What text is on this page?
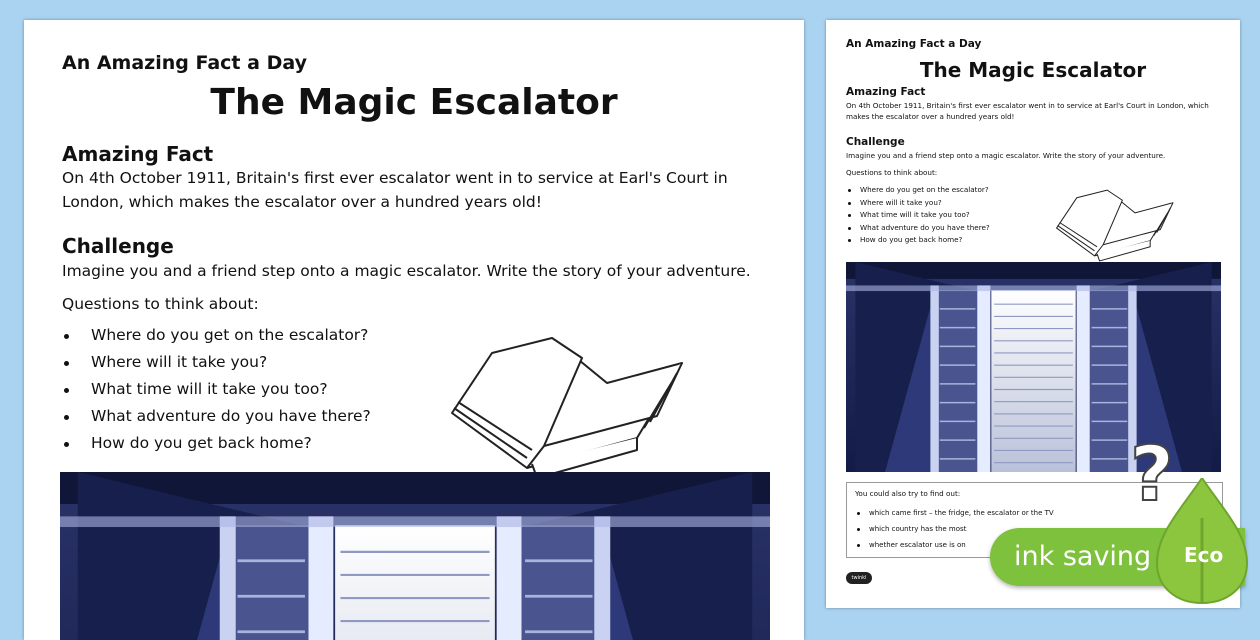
An Amazing Fact a Day
The Magic Escalator
Amazing Fact
On 4th October 1911, Britain's first ever escalator went in to service at Earl's Court in London, which makes the escalator over a hundred years old!
Challenge
Imagine you and a friend step onto a magic escalator. Write the story of your adventure.
Questions to think about:
Where do you get on the escalator?
Where will it take you?
What time will it take you too?
What adventure do you have there?
How do you get back home?
An Amazing Fact a Day
The Magic Escalator
Amazing Fact
On 4th October 1911, Britain's first ever escalator went in to service at Earl's Court in London, which makes the escalator over a hundred years old!
Challenge
Imagine you and a friend step onto a magic escalator. Write the story of your adventure.
Questions to think about:
Where do you get on the escalator?
Where will it take you?
What time will it take you too?
What adventure do you have there?
How do you get back home?
You could also try to find out:
which came first – the fridge, the escalator or the TV
which country has the most
whether escalator use is on
twinkl
?
ink saving Eco
